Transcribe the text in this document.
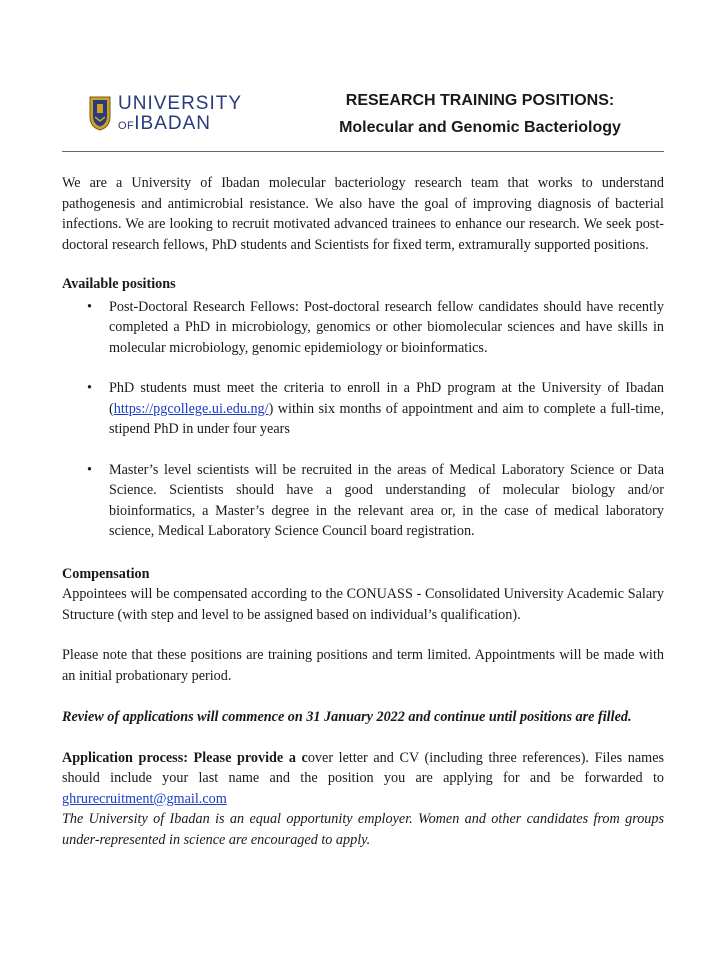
UNIVERSITY
OFIBADAN
RESEARCH TRAINING POSITIONS:
Molecular and Genomic Bacteriology

We are a University of Ibadan molecular bacteriology research team that works to understand pathogenesis and antimicrobial resistance. We also have the goal of improving diagnosis of bacterial infections. We are looking to recruit motivated advanced trainees to enhance our research. We seek post-doctoral research fellows, PhD students and Scientists for fixed term, extramurally supported positions.

Available positions
• Post-Doctoral Research Fellows: Post-doctoral research fellow candidates should have recently completed a PhD in microbiology, genomics or other biomolecular sciences and have skills in molecular microbiology, genomic epidemiology or bioinformatics.
• PhD students must meet the criteria to enroll in a PhD program at the University of Ibadan (https://pgcollege.ui.edu.ng/) within six months of appointment and aim to complete a full-time, stipend PhD in under four years
• Master’s level scientists will be recruited in the areas of Medical Laboratory Science or Data Science. Scientists should have a good understanding of molecular biology and/or bioinformatics, a Master’s degree in the relevant area or, in the case of medical laboratory science, Medical Laboratory Science Council board registration.
Compensation

Appointees will be compensated according to the CONUASS - Consolidated University Academic Salary Structure (with step and level to be assigned based on individual’s qualification).

Please note that these positions are training positions and term limited. Appointments will be made with an initial probationary period.

Review of applications will commence on 31 January 2022 and continue until positions are filled.

Application process: Please provide a cover letter and CV (including three references). Files names should include your last name and the position you are applying for and be forwarded to ghrurecruitment@gmail.com

The University of Ibadan is an equal opportunity employer. Women and other candidates from groups under-represented in science are encouraged to apply.
